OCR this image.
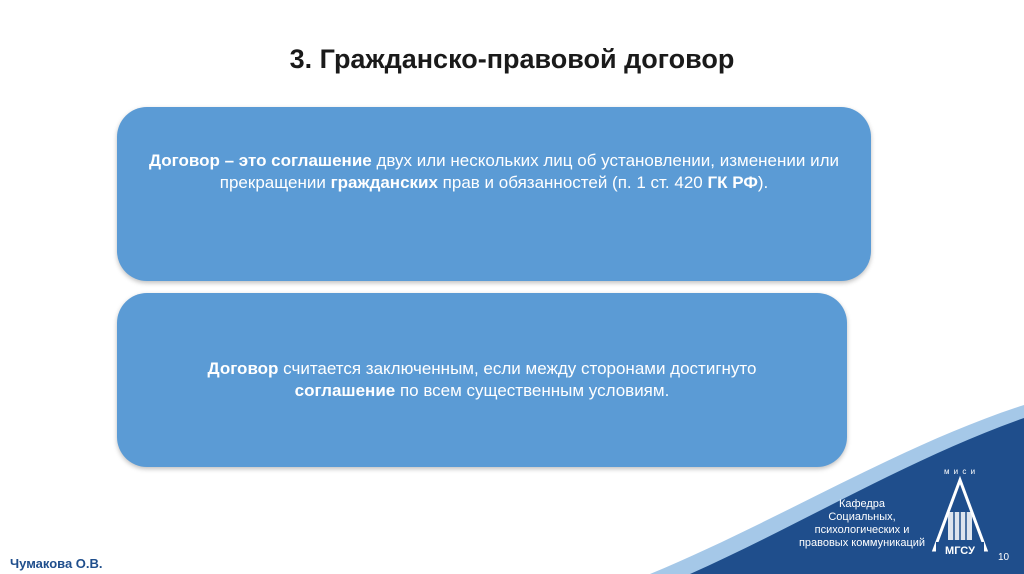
3. Гражданско-правовой договор
Договор – это соглашение двух или нескольких лиц об установлении, изменении или прекращении гражданских прав и обязанностей (п. 1 ст. 420 ГК РФ).
Договор считается заключенным, если между сторонами достигнуто соглашение по всем существенным условиям.
Кафедра
Социальных,
психологических и
правовых коммуникаций
м и с и
МГСУ
10
Чумакова О.В.
